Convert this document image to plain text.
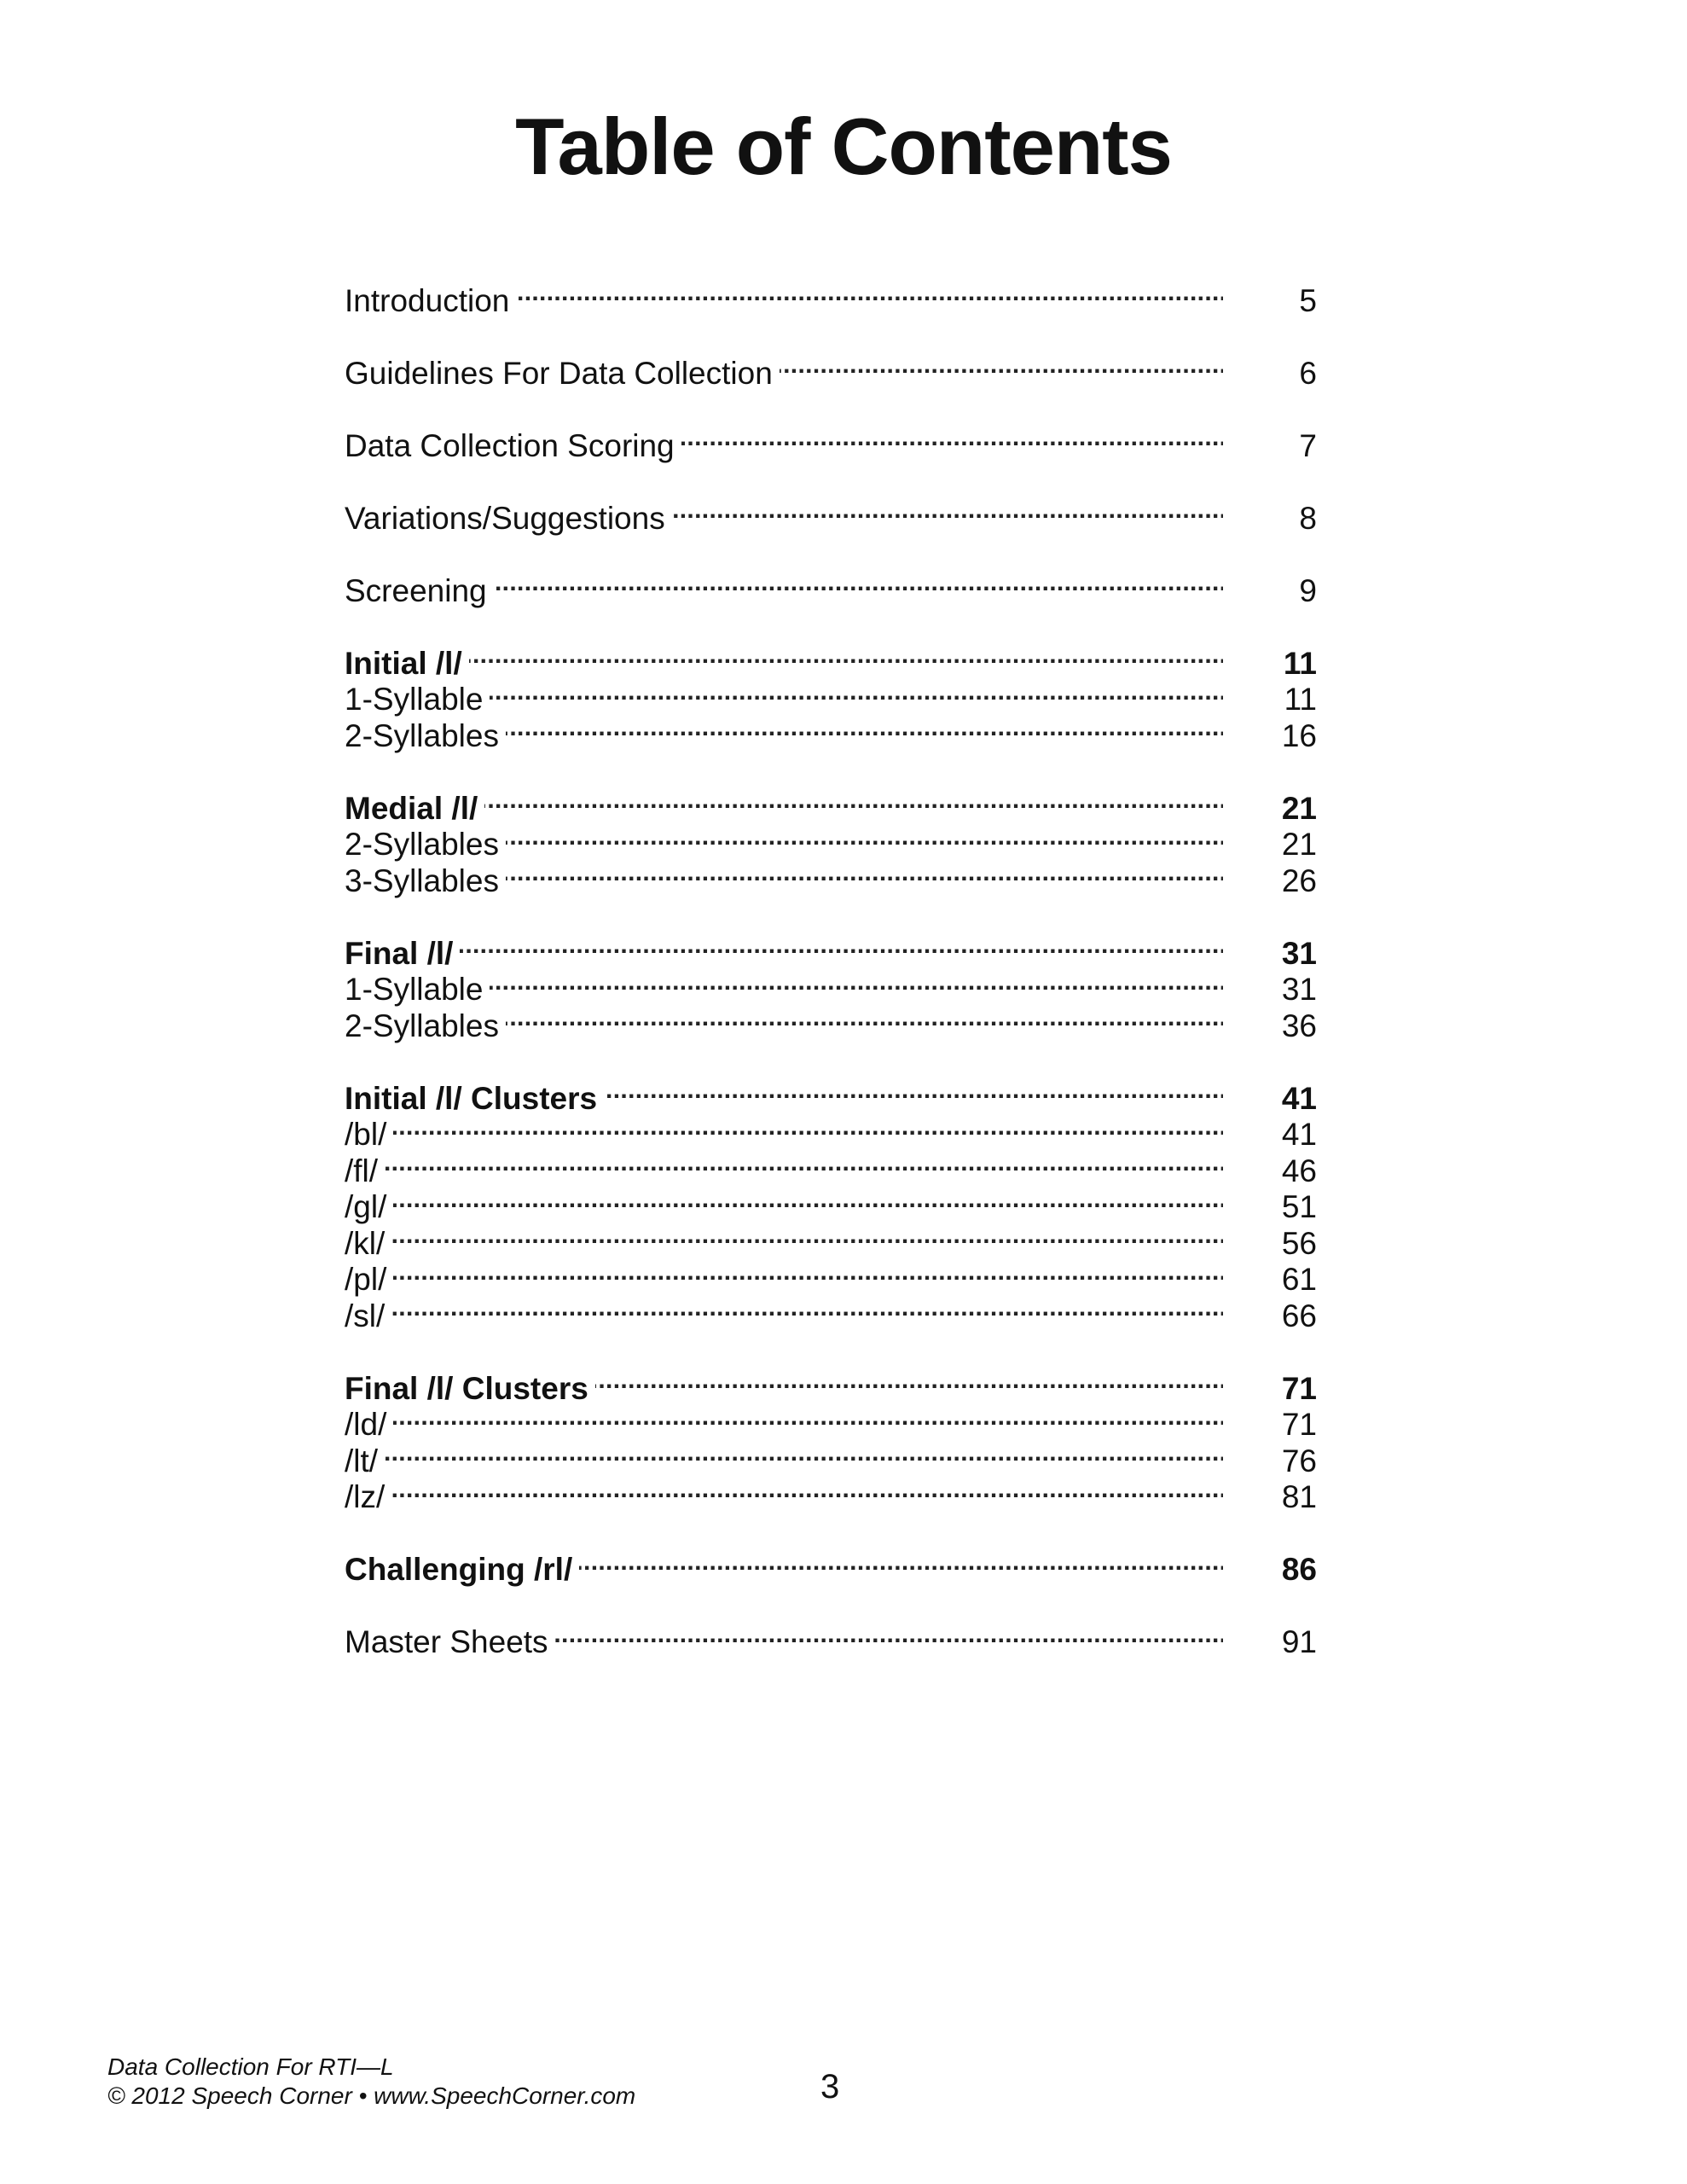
Table of Contents
Introduction . . .	5
Guidelines For Data Collection . . .	6
Data Collection Scoring . . .	7
Variations/Suggestions . . .	8
Screening . . .	9
Initial /l/ . . .	11
1-Syllable . . .	11
2-Syllables . . .	16
Medial /l/ . . .	21
2-Syllables . . .	21
3-Syllables . . .	26
Final /l/ . . .	31
1-Syllable . . .	31
2-Syllables . . .	36
Initial /l/ Clusters . . .	41
/bl/ . . .	41
/fl/ . . .	46
/gl/ . . .	51
/kl/ . . .	56
/pl/ . . .	61
/sl/ . . .	66
Final /l/ Clusters . . .	71
/ld/ . . .	71
/lt/ . . .	76
/lz/ . . .	81
Challenging /rl/ . . .	86
Master Sheets . . .	91
Data Collection For RTI—L
© 2012 Speech Corner • www.SpeechCorner.com	3
